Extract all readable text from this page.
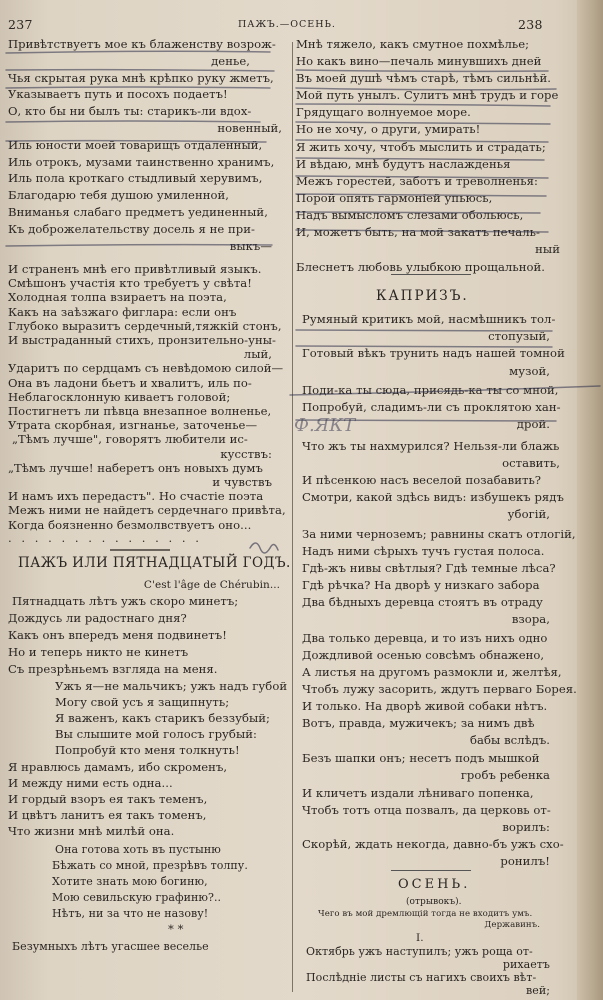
237	ПАЖЪ.—ОСЕНЬ.	238
Привѣтствуетъ мое къ блаженству возрож-
денье,
Чья скрытая рука мнѣ крѣпко руку жметъ,
Указываетъ путь и посохъ подаетъ!
О, кто бы ни былъ ты: старикъ-ли вдох-
новенный,
Иль юности моей товарищъ отдаленный,
Иль отрокъ, музами таинственно хранимъ,
Иль пола кроткаго стыдливый херувимъ,
Благодарю тебя душою умиленной,
Вниманья слабаго предметъ уединенный,
Къ доброжелательству досель я не при-
выкъ—
И страненъ мнѣ его привѣтливый языкъ.
Смѣшонъ участія кто требуетъ у свѣта!
Холодная толпа взираетъ на поэта,
Какъ на заѣзжаго фиглара: если онъ
Глубоко выразитъ сердечный,тяжкій стонъ,
И выстраданный стихъ, пронзительно-уны-
лый,
Ударитъ по сердцамъ съ невѣдомою силой—
Она въ ладони бьетъ и хвалитъ, иль по-
Неблагосклонную киваетъ головой;
Постигнетъ ли пѣвца внезапное волненье,
Утрата скорбная, изгнанье, заточенье—
„Тѣмъ лучше", говорятъ любители ис-
кусствъ:
„Тѣмъ лучше! наберетъ онъ новыхъ думъ
и чувствъ
И намъ ихъ передастъ". Но счастіе поэта
Межъ ними не найдетъ сердечнаго привѣта,
Когда боязненно безмолвствуетъ оно...
. . . . . . . . . . . . . . .
ПАЖЪ ИЛИ ПЯТНАДЦАТЫЙ ГОДЪ.
C'est l'âge de Chérubin...
Пятнадцать лѣтъ ужъ скоро минетъ;
Дождусь ли радостнаго дня?
Какъ онъ впередъ меня подвинетъ!
Но и теперь никто не кинетъ
Съ презрѣньемъ взгляда на меня.
Ужъ я—не мальчикъ; ужъ надъ губой
Могу свой усъ я защипнуть;
Я важенъ, какъ старикъ беззубый;
Вы слышите мой голосъ грубый:
Попробуй кто меня толкнуть!
Я нравлюсь дамамъ, ибо скроменъ,
И между ними есть одна...
И гордый взоръ ея такъ теменъ,
И цвѣтъ ланитъ ея такъ томенъ,
Что жизни мнѣ милѣй она.
Она готова хоть въ пустыню
Бѣжать со мной, презрѣвъ толпу.
Хотите знать мою богиню,
Мою севильскую графиню?..
Нѣтъ, ни за что не назову!
* *
Безумныхъ лѣтъ угасшее веселье
Мнѣ тяжело, какъ смутное похмѣлье;
Но какъ вино—печаль минувшихъ дней
Въ моей душѣ чѣмъ старѣ, тѣмъ сильнѣй.
Мой путь унылъ. Сулитъ мнѣ трудъ и горе
Грядущаго волнуемое море.
Но не хочу, о други, умирать!
Я жить хочу, чтобъ мыслить и страдать;
И вѣдаю, мнѣ будутъ наслажденья
Межъ горестей, заботъ и треволненья:
Порой опять гармоніей упьюсь,
Надъ вымысломъ слезами обольюсь,
И, можетъ быть, на мой закатъ печаль-
ный
Блеснетъ любовь улыбкою прощальной.
КАПРИЗЪ.
Румяный критикъ мой, насмѣшникъ тол-
стопузый,
Готовый вѣкъ трунить надъ нашей томной
музой,
Поди-ка ты сюда, присядь-ка ты со мной,
Попробуй, сладимъ-ли съ проклятою хан-
дрой.
Что жъ ты нахмурился? Нельзя-ли блажь
оставить,
И пѣсенкою насъ веселой позабавить?
Смотри, какой здѣсь видъ: избушекъ рядъ
убогій,
За ними черноземъ; равнины скатъ отлогій,
Надъ ними сѣрыхъ тучъ густая полоса.
Гдѣ-жъ нивы свѣтлыя? Гдѣ темные лѣса?
Гдѣ рѣчка? На дворѣ у низкаго забора
Два бѣдныхъ деревца стоятъ въ отраду
взора,
Два только деревца, и то изъ нихъ одно
Дождливой осенью совсѣмъ обнажено,
А листья на другомъ размокли и, желтѣя,
Чтобъ лужу засорить, ждутъ перваго Борея.
И только. На дворѣ живой собаки нѣтъ.
Вотъ, правда, мужичекъ; за нимъ двѣ
бабы вслѣдъ.
Безъ шапки онъ; несетъ подъ мышкой
гробъ ребенка
И кличетъ издали лѣниваго попенка,
Чтобъ тотъ отца позвалъ, да церковь от-
ворилъ:
Скорѣй, ждать некогда, давно-бъ ужъ схо-
ронилъ!
ОСЕНЬ.
(отрывокъ).
Чего въ мой дремлющій тогда не входитъ умъ.
Державинъ.
I.
Октябрь ужъ наступилъ; ужъ роща от-
рихаетъ
Послѣдніе листы съ нагихъ своихъ вѣт-
вей;
Ф.ЯКТ
